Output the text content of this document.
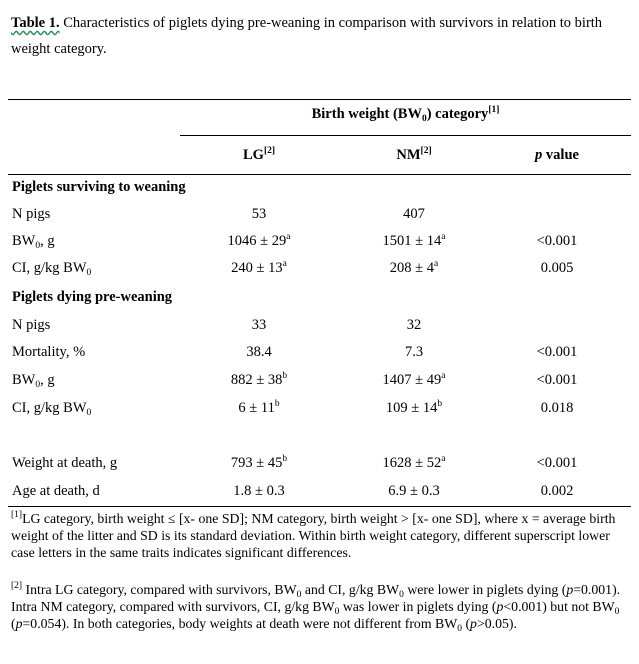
Table 1. Characteristics of piglets dying pre-weaning in comparison with survivors in relation to birth weight category.
Birth weight $(BW_0)$ category[1]
LG[2]	NM[2]	p value
Piglets surviving to weaning
N pigs	53	407
$BW_0$, g	$1046 \pm 29^a$	$1501 \pm 14^a$	<0.001
CI, g/kg $BW_0$	$240 \pm 13^a$	$208 \pm 4^a$	0.005
Piglets dying pre-weaning
N pigs	33	32
Mortality, %	38.4	7.3	<0.001
$BW_0$, g	$882 \pm 38^b$	$1407 \pm 49^a$	<0.001
CI, g/kg $BW_0$	$6 \pm 11^b$	$109 \pm 14^b$	0.018
Weight at death, g	$793 \pm 45^b$	$1628 \pm 52^a$	<0.001
Age at death, d	1.8 ± 0.3	6.9 ± 0.3	0.002
[1]LG category, birth weight ≤ [x- one SD]; NM category, birth weight > [x- one SD], where x = average birth weight of the litter and SD is its standard deviation. Within birth weight category, different superscript lower case letters in the same traits indicates significant differences.
[2] Intra LG category, compared with survivors, $BW_0$ and CI, g/kg $BW_0$ were lower in piglets dying (p=0.001). Intra NM category, compared with survivors, CI, g/kg $BW_0$ was lower in piglets dying (p<0.001) but not $BW_0$ (p=0.054). In both categories, body weights at death were not different from $BW_0$ (p>0.05).
